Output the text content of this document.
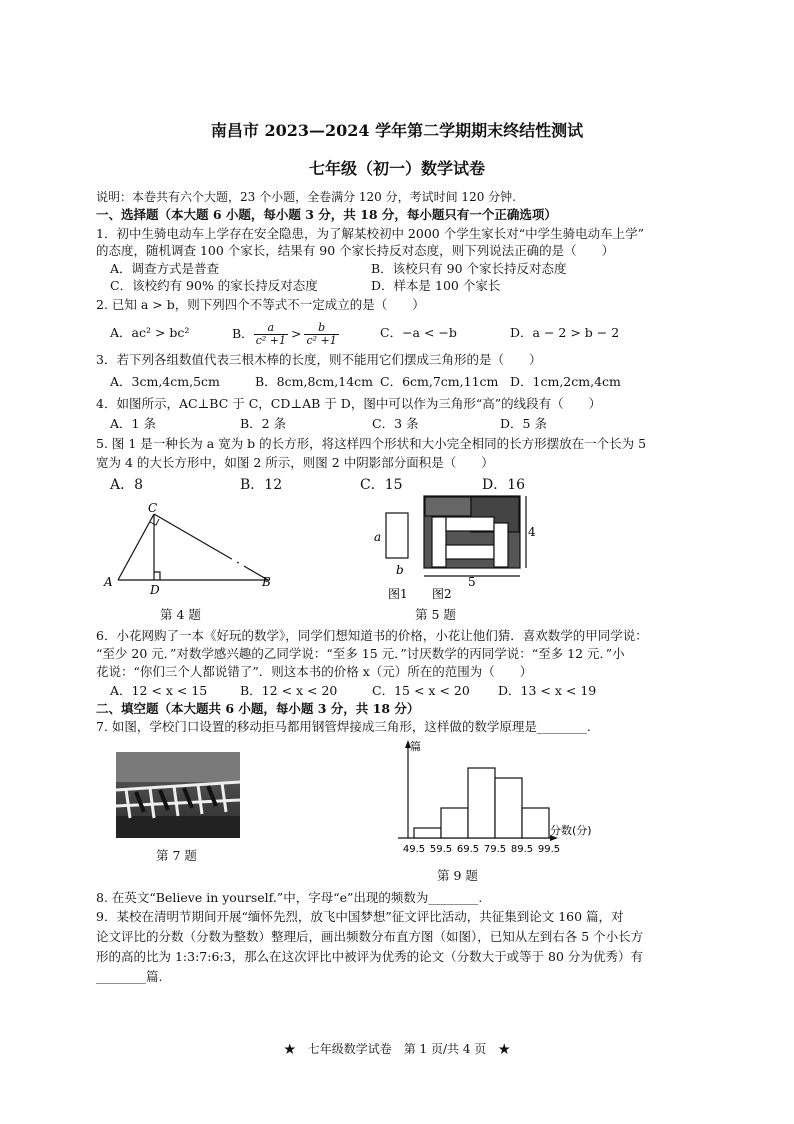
南昌市 2023—2024 学年第二学期期末终结性测试
七年级（初一）数学试卷
说明：本卷共有六个大题，23 个小题，全卷满分 120 分，考试时间 120 分钟.
一、选择题（本大题 6 小题，每小题 3 分，共 18 分，每小题只有一个正确选项）
1．初中生骑电动车上学存在安全隐患，为了解某校初中 2000 个学生家长对“中学生骑电动车上学”
的态度，随机调查 100 个家长，结果有 90 个家长持反对态度，则下列说法正确的是（　　）
A．调查方式是普查	B．该校只有 90 个家长持反对态度
C．该校约有 90% 的家长持反对态度	D．样本是 100 个家长
2. 已知 a > b，则下列四个不等式不一定成立的是（　　）
A．ac² > bc²	B． $\frac{a}{\text{c² +1}} > \frac{b}{\text{c² +1}}$	C．−a < −b	D．a − 2 > b − 2
3．若下列各组数值代表三根木棒的长度，则不能用它们摆成三角形的是（　　）
A．3cm,4cm,5cm	B．8cm,8cm,14cm C．6cm,7cm,11cm D．1cm,2cm,4cm
4．如图所示，AC⊥BC 于 C，CD⊥AB 于 D，图中可以作为三角形“高”的线段有（　　）
A．1 条	B．2 条	C．3 条	D．5 条
5. 图 1 是一种长为 a 宽为 b 的长方形，将这样四个形状和大小完全相同的长方形摆放在一个长为 5
宽为 4 的大长方形中，如图 2 所示，则图 2 中阴影部分面积是（　　）
A．8	B．12	C．15	D．16
C
A
D
B
第 4 题
a
b
4
5
图1 图2
第 5 题
6．小花网购了一本《好玩的数学》，同学们想知道书的价格，小花让他们猜．喜欢数学的甲同学说：
“至少 20 元．”对数学感兴趣的乙同学说：“至多 15 元．”讨厌数学的丙同学说：“至多 12 元．”小
花说：“你们三个人都说错了”．则这本书的价格 x（元）所在的范围为（　　）
A．12 < x < 15	B．12 < x < 20	C．15 < x < 20 D．13 < x < 19
二、填空题（本大题共 6 小题，每小题 3 分，共 18 分）
7. 如图，学校门口设置的移动拒马都用钢管焊接成三角形，这样做的数学原理是________.
第 7 题
篇
分数(分)
49.5 59.5 69.5 79.5 89.5 99.5
第 9 题
8. 在英文“Believe in yourself.”中，字母“e”出现的频数为________.
9．某校在清明节期间开展“缅怀先烈，放飞中国梦想”征文评比活动，共征集到论文 160 篇，对
论文评比的分数（分数为整数）整理后，画出频数分布直方图（如图），已知从左到右各 5 个小长方
形的高的比为 1:3:7:6:3，那么在这次评比中被评为优秀的论文（分数大于或等于 80 分为优秀）有
________篇.
★　七年级数学试卷　第 1 页/共 4 页　★
